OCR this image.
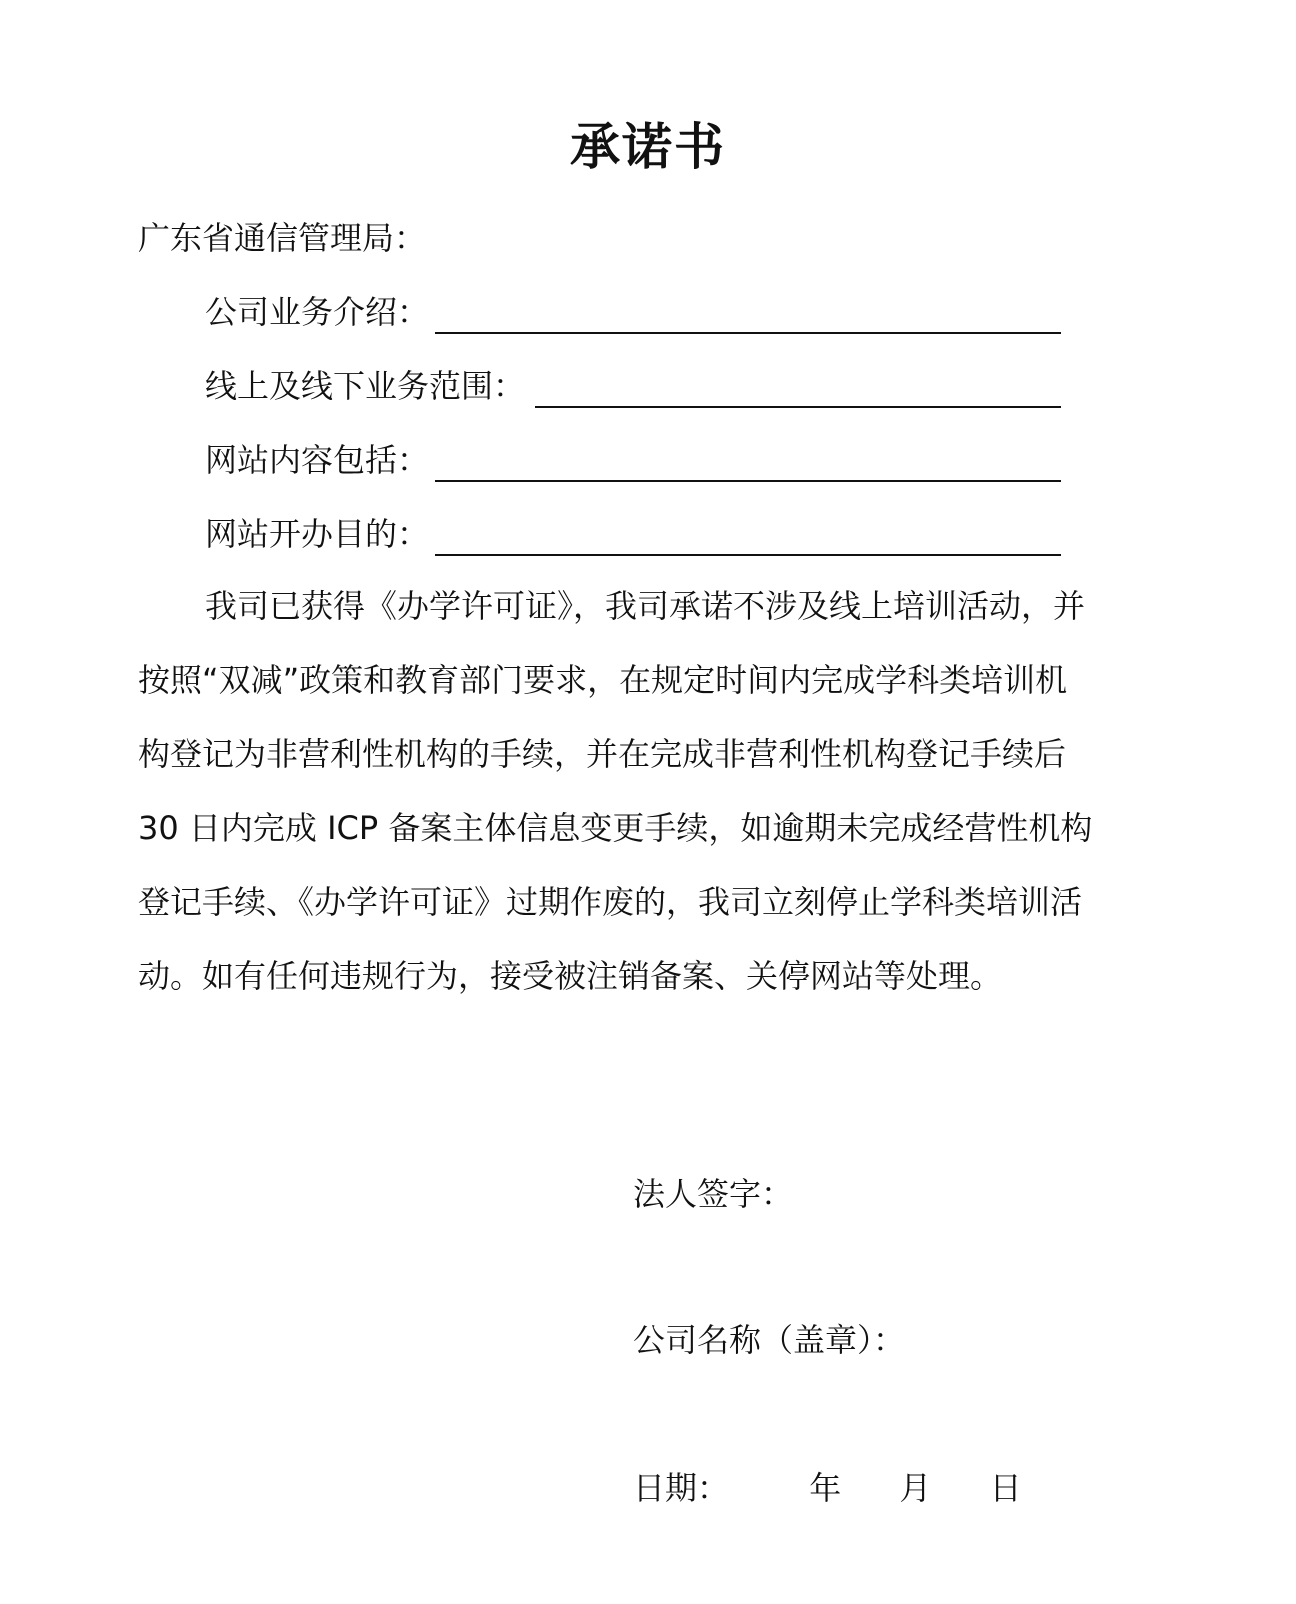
承诺书
广东省通信管理局：
公司业务介绍：
线上及线下业务范围：
网站内容包括：
网站开办目的：
我司已获得《办学许可证》，我司承诺不涉及线上培训活动，并
按照“双减”政策和教育部门要求，在规定时间内完成学科类培训机
构登记为非营利性机构的手续，并在完成非营利性机构登记手续后
30 日内完成 ICP 备案主体信息变更手续，如逾期未完成经营性机构
登记手续、《办学许可证》过期作废的，我司立刻停止学科类培训活
动。如有任何违规行为，接受被注销备案、关停网站等处理。
法人签字：
公司名称（盖章）：
日期：	年 月 日
